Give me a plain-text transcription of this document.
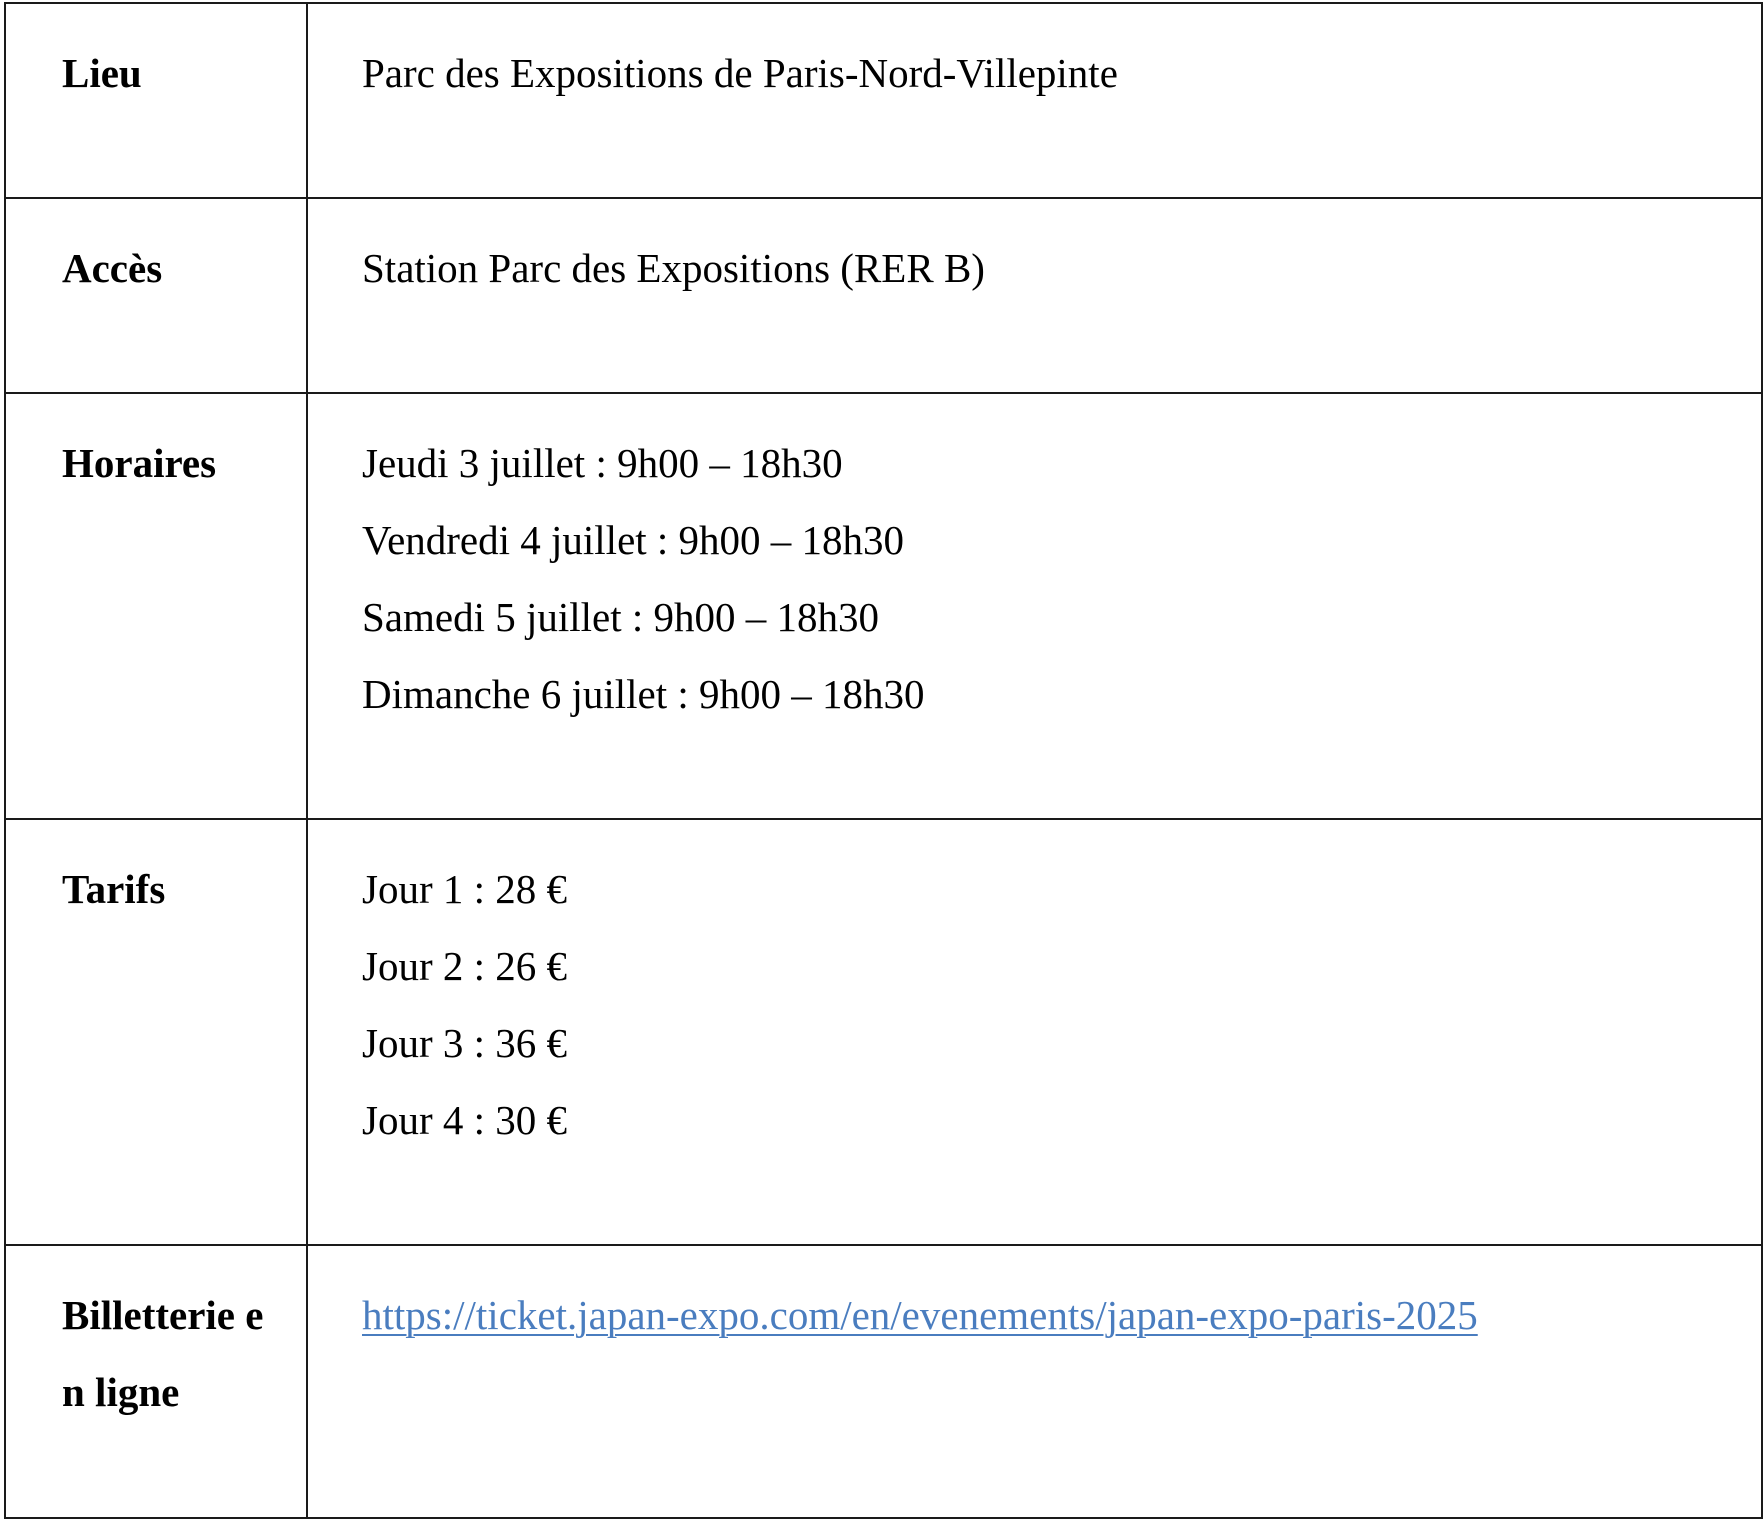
Lieu	Parc des Expositions de Paris-Nord-Villepinte

Accès	Station Parc des Expositions (RER B)

Horaires	Jeudi 3 juillet : 9h00 – 18h30
Vendredi 4 juillet : 9h00 – 18h30
Samedi 5 juillet : 9h00 – 18h30
Dimanche 6 juillet : 9h00 – 18h30

Tarifs	Jour 1 : 28 €
Jour 2 : 26 €
Jour 3 : 36 €
Jour 4 : 30 €

Billetterie en ligne	https://ticket.japan-expo.com/en/evenements/japan-expo-paris-2025
